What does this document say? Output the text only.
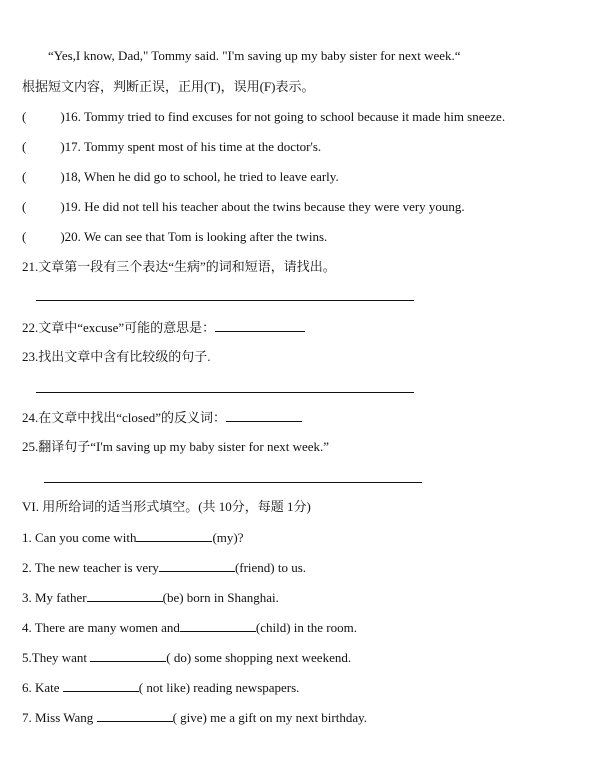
“Yes,I know, Dad," Tommy said. "I'm saving up my baby sister for next week.“
根据短文内容，判断正误，正用(T)，误用(F)表示。
(	)16. Tommy tried to find excuses for not going to school because it made him sneeze.
(	)17. Tommy spent most of his time at the doctor's.
(	)18, When he did go to school, he tried to leave early.
(	)19. He did not tell his teacher about the twins because they were very young.
(	)20. We can see that Tom is looking after the twins.
21.文章第一段有三个表达“生病”的词和短语，请找出。
22.文章中“excuse”可能的意思是：
23.找出文章中含有比较级的句子.
24.在文章中找出“closed”的反义词：
25.翻译句子“I'm saving up my baby sister for next week.”
VI. 用所给词的适当形式填空。(共 10分，每题 1分)
1. Can you come with	(my)?
2. The new teacher is very	(friend) to us.
3. My father	(be) born in Shanghai.
4. There are many women and	(child) in the room.
5.They want	( do) some shopping next weekend.
6. Kate	( not like) reading newspapers.
7. Miss Wang	( give) me a gift on my next birthday.
